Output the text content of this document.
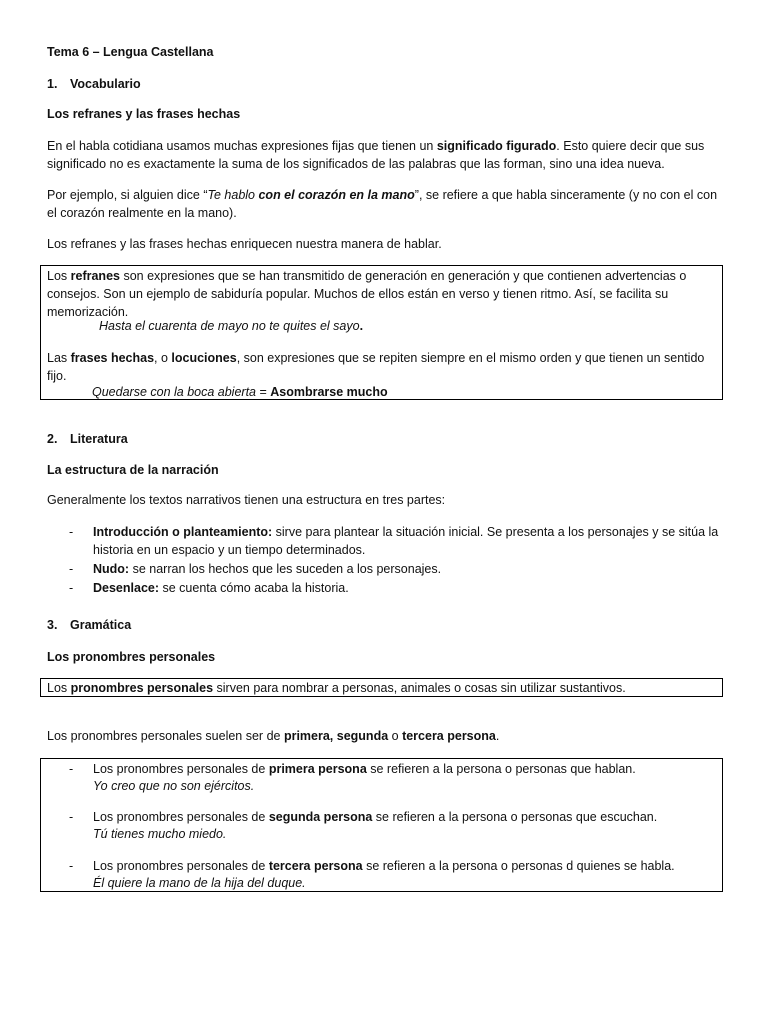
Tema 6 – Lengua Castellana
1. Vocabulario
Los refranes y las frases hechas
En el habla cotidiana usamos muchas expresiones fijas que tienen un significado figurado. Esto quiere decir que sus significado no es exactamente la suma de los significados de las palabras que las forman, sino una idea nueva.
Por ejemplo, si alguien dice “Te hablo con el corazón en la mano”, se refiere a que habla sinceramente (y no con el con el corazón realmente en la mano).
Los refranes y las frases hechas enriquecen nuestra manera de hablar.
Los refranes son expresiones que se han transmitido de generación en generación y que contienen advertencias o consejos. Son un ejemplo de sabiduría popular. Muchos de ellos están en verso y tienen ritmo. Así, se facilita su memorización.
Hasta el cuarenta de mayo no te quites el sayo.
Las frases hechas, o locuciones, son expresiones que se repiten siempre en el mismo orden y que tienen un sentido fijo.
Quedarse con la boca abierta = Asombrarse mucho
2. Literatura
La estructura de la narración
Generalmente los textos narrativos tienen una estructura en tres partes:
- Introducción o planteamiento: sirve para plantear la situación inicial. Se presenta a los personajes y se sitúa la historia en un espacio y un tiempo determinados.
- Nudo: se narran los hechos que les suceden a los personajes.
- Desenlace: se cuenta cómo acaba la historia.
3. Gramática
Los pronombres personales
Los pronombres personales sirven para nombrar a personas, animales o cosas sin utilizar sustantivos.
Los pronombres personales suelen ser de primera, segunda o tercera persona.
- Los pronombres personales de primera persona se refieren a la persona o personas que hablan.
Yo creo que no son ejércitos.
- Los pronombres personales de segunda persona se refieren a la persona o personas que escuchan.
Tú tienes mucho miedo.
- Los pronombres personales de tercera persona se refieren a la persona o personas d quienes se habla.
Él quiere la mano de la hija del duque.
